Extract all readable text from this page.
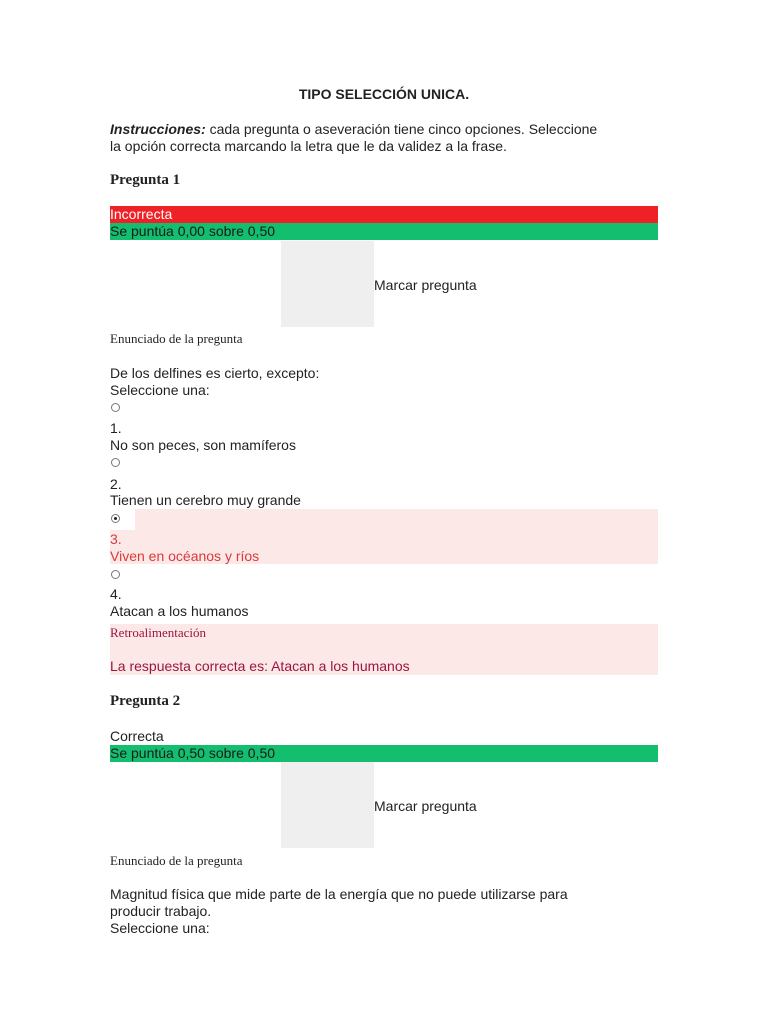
TIPO SELECCIÓN UNICA.
Instrucciones: cada pregunta o aseveración tiene cinco opciones. Seleccione
la opción correcta marcando la letra que le da validez a la frase.
Pregunta 1
Incorrecta
Se puntúa 0,00 sobre 0,50
Marcar pregunta
Enunciado de la pregunta
De los delfines es cierto, excepto:
Seleccione una:
1.
No son peces, son mamíferos
2.
Tienen un cerebro muy grande
3.
Viven en océanos y ríos
4.
Atacan a los humanos
Retroalimentación
La respuesta correcta es: Atacan a los humanos
Pregunta 2
Correcta
Se puntúa 0,50 sobre 0,50
Marcar pregunta
Enunciado de la pregunta
Magnitud física que mide parte de la energía que no puede utilizarse para
producir trabajo.
Seleccione una:
